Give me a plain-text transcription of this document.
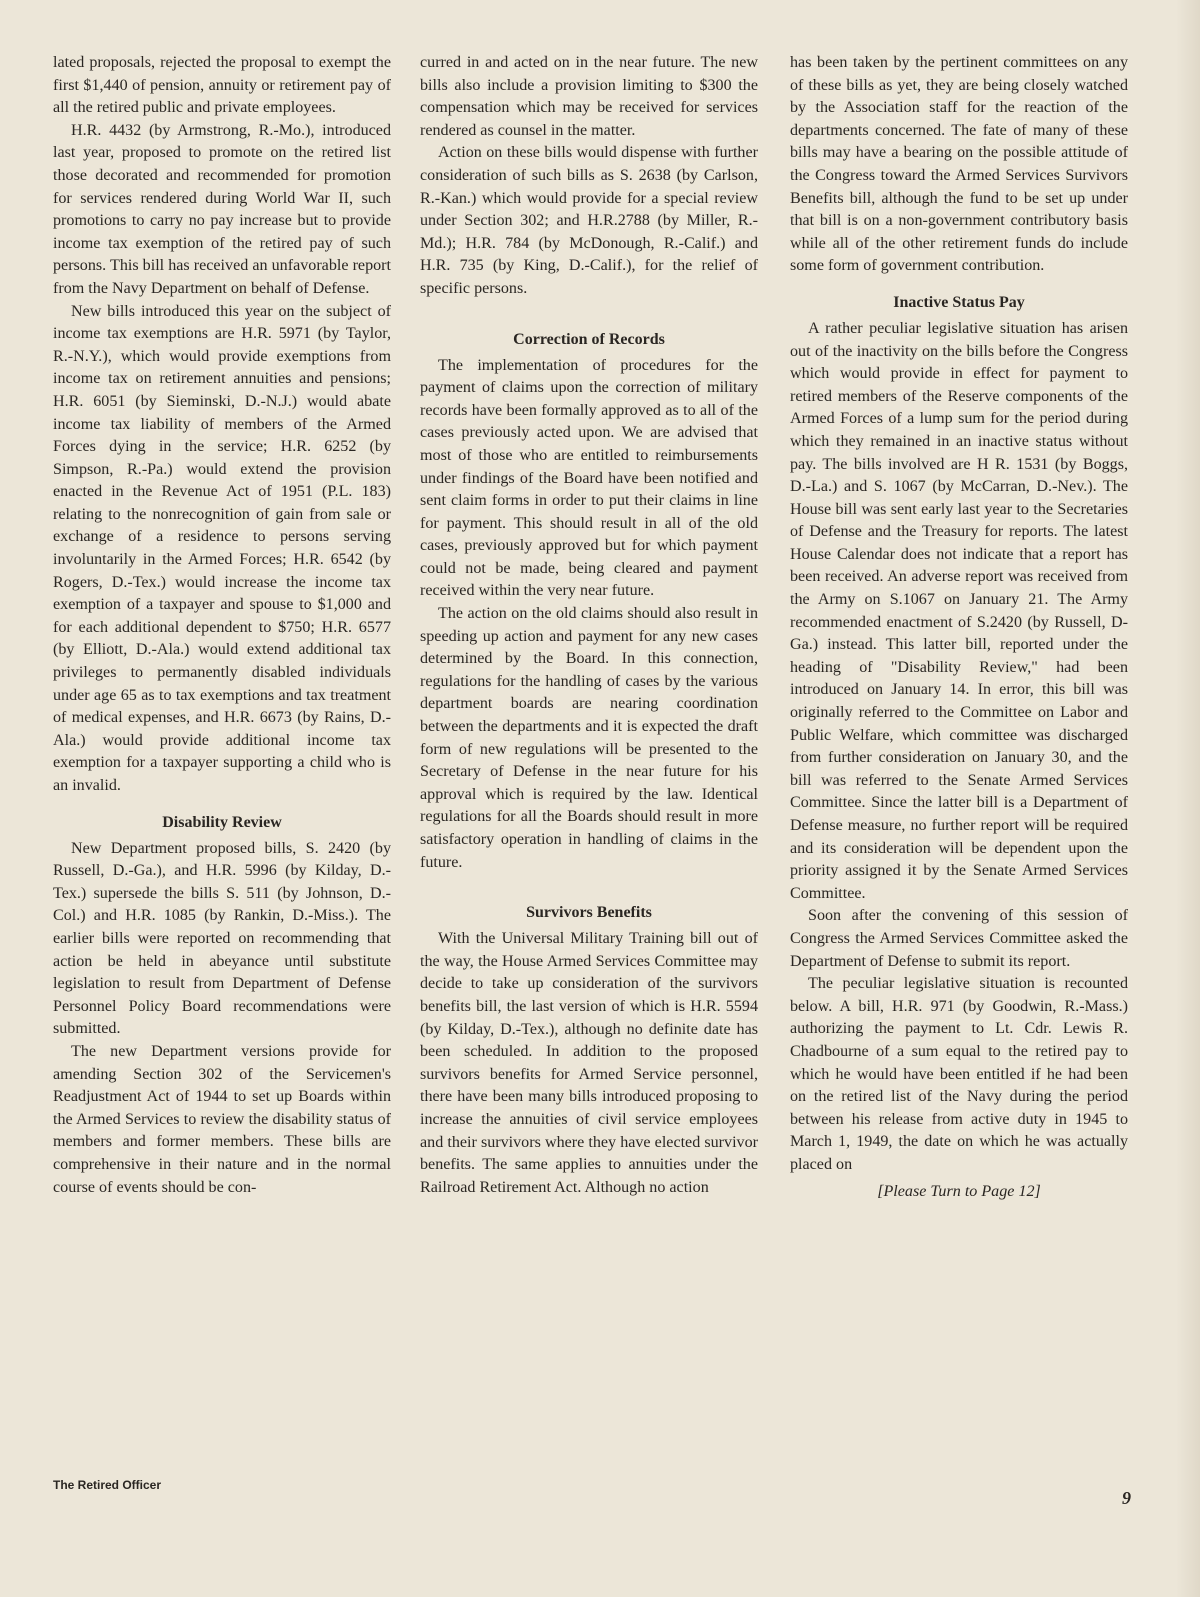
lated proposals, rejected the proposal to exempt the first $1,440 of pension, annuity or retirement pay of all the retired public and private employees.

H.R. 4432 (by Armstrong, R.-Mo.), introduced last year, proposed to promote on the retired list those decorated and recommended for promotion for services rendered during World War II, such promotions to carry no pay increase but to provide income tax exemption of the retired pay of such persons. This bill has received an unfavorable report from the Navy Department on behalf of Defense.

New bills introduced this year on the subject of income tax exemptions are H.R. 5971 (by Taylor, R.-N.Y.), which would provide exemptions from income tax on retirement annuities and pensions; H.R. 6051 (by Sieminski, D.-N.J.) would abate income tax liability of members of the Armed Forces dying in the service; H.R. 6252 (by Simpson, R.-Pa.) would extend the provision enacted in the Revenue Act of 1951 (P.L. 183) relating to the nonrecognition of gain from sale or exchange of a residence to persons serving involuntarily in the Armed Forces; H.R. 6542 (by Rogers, D.-Tex.) would increase the income tax exemption of a taxpayer and spouse to $1,000 and for each additional dependent to $750; H.R. 6577 (by Elliott, D.-Ala.) would extend additional tax privileges to permanently disabled individuals under age 65 as to tax exemptions and tax treatment of medical expenses, and H.R. 6673 (by Rains, D.-Ala.) would provide additional income tax exemption for a taxpayer supporting a child who is an invalid.

Disability Review

New Department proposed bills, S. 2420 (by Russell, D.-Ga.), and H.R. 5996 (by Kilday, D.-Tex.) supersede the bills S. 511 (by Johnson, D.-Col.) and H.R. 1085 (by Rankin, D.-Miss.). The earlier bills were reported on recommending that action be held in abeyance until substitute legislation to result from Department of Defense Personnel Policy Board recommendations were submitted.

The new Department versions provide for amending Section 302 of the Servicemen's Readjustment Act of 1944 to set up Boards within the Armed Services to review the disability status of members and former members. These bills are comprehensive in their nature and in the normal course of events should be con-

curred in and acted on in the near future. The new bills also include a provision limiting to $300 the compensation which may be received for services rendered as counsel in the matter.

Action on these bills would dispense with further consideration of such bills as S. 2638 (by Carlson, R.-Kan.) which would provide for a special review under Section 302; and H.R.2788 (by Miller, R.-Md.); H.R. 784 (by McDonough, R.-Calif.) and H.R. 735 (by King, D.-Calif.), for the relief of specific persons.

Correction of Records

The implementation of procedures for the payment of claims upon the correction of military records have been formally approved as to all of the cases previously acted upon. We are advised that most of those who are entitled to reimbursements under findings of the Board have been notified and sent claim forms in order to put their claims in line for payment. This should result in all of the old cases, previously approved but for which payment could not be made, being cleared and payment received within the very near future.

The action on the old claims should also result in speeding up action and payment for any new cases determined by the Board. In this connection, regulations for the handling of cases by the various department boards are nearing coordination between the departments and it is expected the draft form of new regulations will be presented to the Secretary of Defense in the near future for his approval which is required by the law. Identical regulations for all the Boards should result in more satisfactory operation in handling of claims in the future.

Survivors Benefits

With the Universal Military Training bill out of the way, the House Armed Services Committee may decide to take up consideration of the survivors benefits bill, the last version of which is H.R. 5594 (by Kilday, D.-Tex.), although no definite date has been scheduled. In addition to the proposed survivors benefits for Armed Service personnel, there have been many bills introduced proposing to increase the annuities of civil service employees and their survivors where they have elected survivor benefits. The same applies to annuities under the Railroad Retirement Act. Although no action

has been taken by the pertinent committees on any of these bills as yet, they are being closely watched by the Association staff for the reaction of the departments concerned. The fate of many of these bills may have a bearing on the possible attitude of the Congress toward the Armed Services Survivors Benefits bill, although the fund to be set up under that bill is on a non-government contributory basis while all of the other retirement funds do include some form of government contribution.

Inactive Status Pay

A rather peculiar legislative situation has arisen out of the inactivity on the bills before the Congress which would provide in effect for payment to retired members of the Reserve components of the Armed Forces of a lump sum for the period during which they remained in an inactive status without pay. The bills involved are H R. 1531 (by Boggs, D.-La.) and S. 1067 (by McCarran, D.-Nev.). The House bill was sent early last year to the Secretaries of Defense and the Treasury for reports. The latest House Calendar does not indicate that a report has been received. An adverse report was received from the Army on S.1067 on January 21. The Army recommended enactment of S.2420 (by Russell, D-Ga.) instead. This latter bill, reported under the heading of "Disability Review," had been introduced on January 14. In error, this bill was originally referred to the Committee on Labor and Public Welfare, which committee was discharged from further consideration on January 30, and the bill was referred to the Senate Armed Services Committee. Since the latter bill is a Department of Defense measure, no further report will be required and its consideration will be dependent upon the priority assigned it by the Senate Armed Services Committee.

Soon after the convening of this session of Congress the Armed Services Committee asked the Department of Defense to submit its report.

The peculiar legislative situation is recounted below. A bill, H.R. 971 (by Goodwin, R.-Mass.) authorizing the payment to Lt. Cdr. Lewis R. Chadbourne of a sum equal to the retired pay to which he would have been entitled if he had been on the retired list of the Navy during the period between his release from active duty in 1945 to March 1, 1949, the date on which he was actually placed on

[Please Turn to Page 12]

The Retired Officer
9
